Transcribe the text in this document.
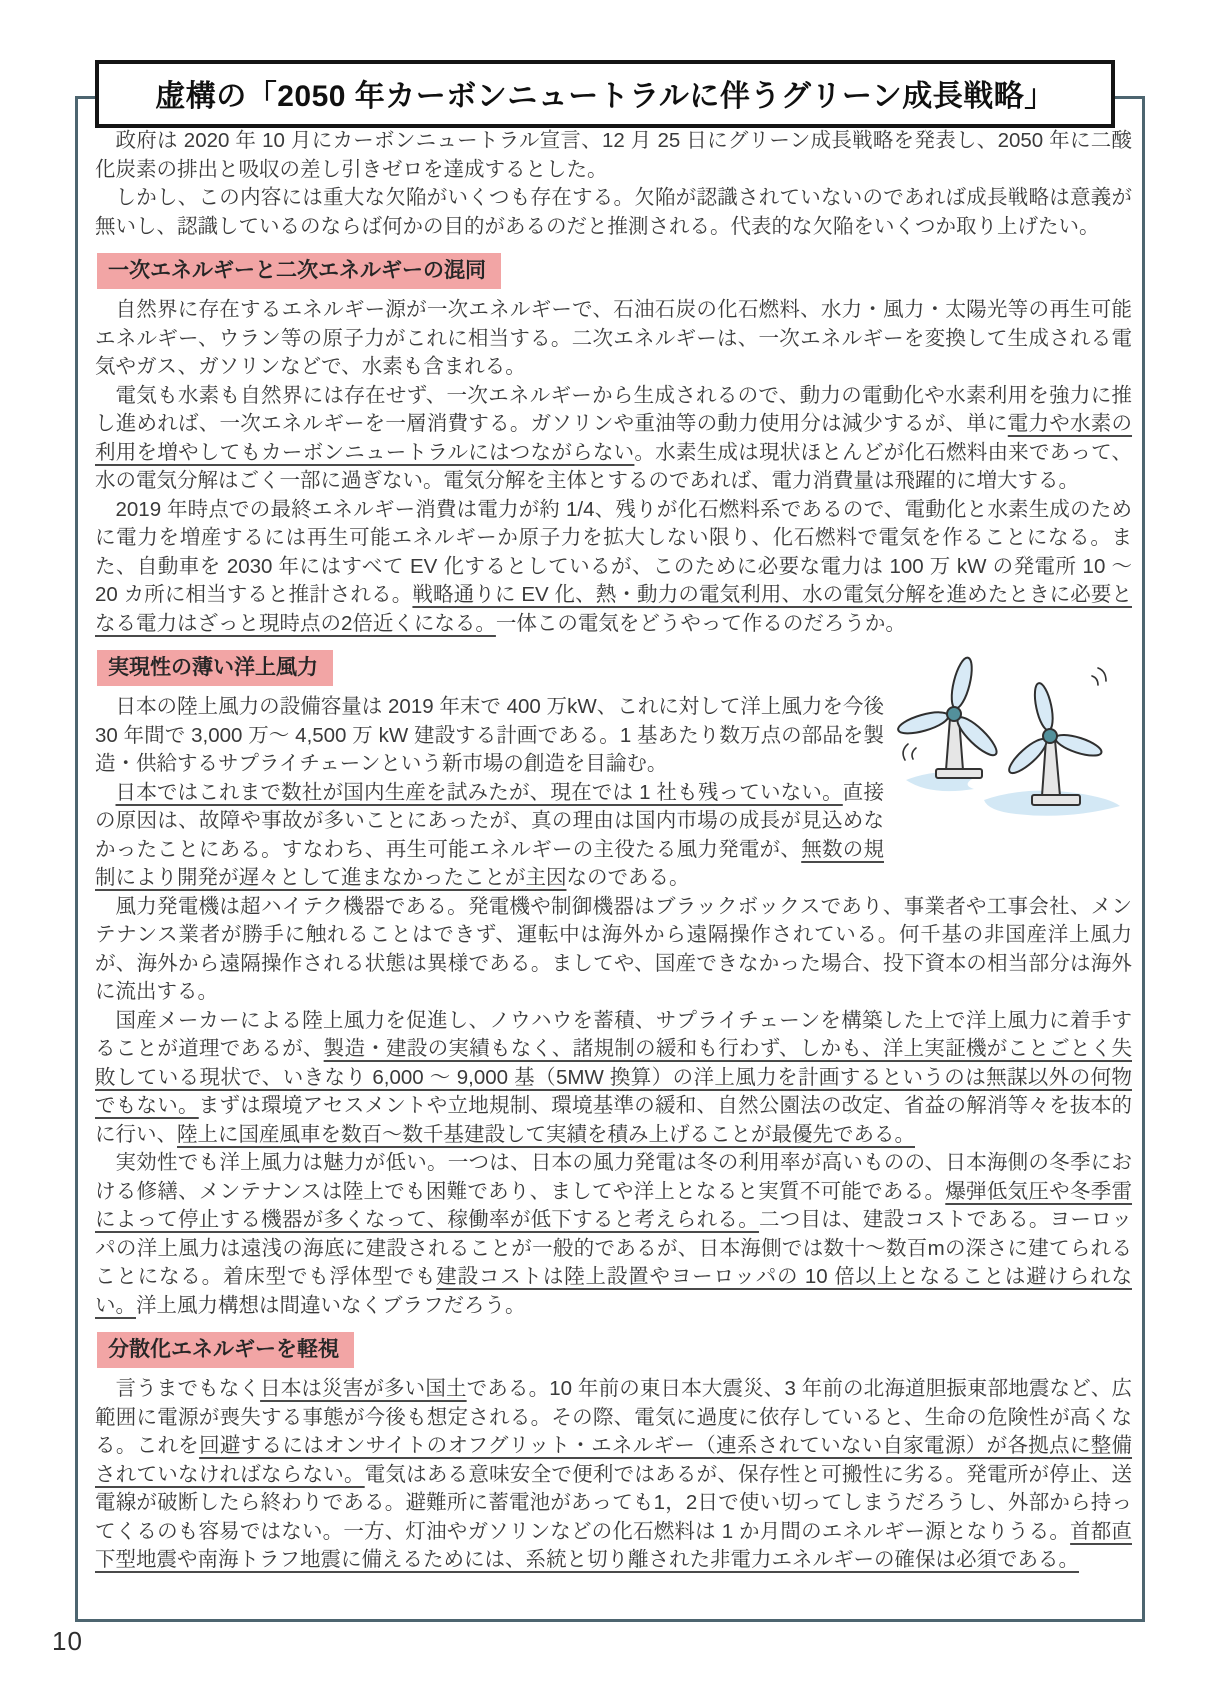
虚構の「2050 年カーボンニュートラルに伴うグリーン成長戦略」

政府は 2020 年 10 月にカーボンニュートラル宣言、12 月 25 日にグリーン成長戦略を発表し、2050 年に二酸化炭素の排出と吸収の差し引きゼロを達成するとした。

しかし、この内容には重大な欠陥がいくつも存在する。欠陥が認識されていないのであれば成長戦略は意義が無いし、認識しているのならば何かの目的があるのだと推測される。代表的な欠陥をいくつか取り上げたい。

一次エネルギーと二次エネルギーの混同

自然界に存在するエネルギー源が一次エネルギーで、石油石炭の化石燃料、水力・風力・太陽光等の再生可能エネルギー、ウラン等の原子力がこれに相当する。二次エネルギーは、一次エネルギーを変換して生成される電気やガス、ガソリンなどで、水素も含まれる。

電気も水素も自然界には存在せず、一次エネルギーから生成されるので、動力の電動化や水素利用を強力に推し進めれば、一次エネルギーを一層消費する。ガソリンや重油等の動力使用分は減少するが、単に電力や水素の利用を増やしてもカーボンニュートラルにはつながらない。水素生成は現状ほとんどが化石燃料由来であって、水の電気分解はごく一部に過ぎない。電気分解を主体とするのであれば、電力消費量は飛躍的に増大する。

2019 年時点での最終エネルギー消費は電力が約 1/4、残りが化石燃料系であるので、電動化と水素生成のために電力を増産するには再生可能エネルギーか原子力を拡大しない限り、化石燃料で電気を作ることになる。また、自動車を 2030 年にはすべて EV 化するとしているが、このために必要な電力は 100 万 kW の発電所 10 ～ 20 カ所に相当すると推計される。戦略通りに EV 化、熱・動力の電気利用、水の電気分解を進めたときに必要となる電力はざっと現時点の2倍近くになる。一体この電気をどうやって作るのだろうか。

実現性の薄い洋上風力

日本の陸上風力の設備容量は 2019 年末で 400 万kW、これに対して洋上風力を今後 30 年間で 3,000 万～ 4,500 万 kW 建設する計画である。1 基あたり数万点の部品を製造・供給するサプライチェーンという新市場の創造を目論む。

日本ではこれまで数社が国内生産を試みたが、現在では 1 社も残っていない。直接の原因は、故障や事故が多いことにあったが、真の理由は国内市場の成長が見込めなかったことにある。すなわち、再生可能エネルギーの主役たる風力発電が、無数の規制により開発が遅々として進まなかったことが主因なのである。

風力発電機は超ハイテク機器である。発電機や制御機器はブラックボックスであり、事業者や工事会社、メンテナンス業者が勝手に触れることはできず、運転中は海外から遠隔操作されている。何千基の非国産洋上風力が、海外から遠隔操作される状態は異様である。ましてや、国産できなかった場合、投下資本の相当部分は海外に流出する。

国産メーカーによる陸上風力を促進し、ノウハウを蓄積、サプライチェーンを構築した上で洋上風力に着手することが道理であるが、製造・建設の実績もなく、諸規制の緩和も行わず、しかも、洋上実証機がことごとく失敗している現状で、いきなり 6,000 ～ 9,000 基（5MW 換算）の洋上風力を計画するというのは無謀以外の何物でもない。まずは環境アセスメントや立地規制、環境基準の緩和、自然公園法の改定、省益の解消等々を抜本的に行い、陸上に国産風車を数百～数千基建設して実績を積み上げることが最優先である。

実効性でも洋上風力は魅力が低い。一つは、日本の風力発電は冬の利用率が高いものの、日本海側の冬季における修繕、メンテナンスは陸上でも困難であり、ましてや洋上となると実質不可能である。爆弾低気圧や冬季雷によって停止する機器が多くなって、稼働率が低下すると考えられる。二つ目は、建設コストである。ヨーロッパの洋上風力は遠浅の海底に建設されることが一般的であるが、日本海側では数十～数百mの深さに建てられることになる。着床型でも浮体型でも建設コストは陸上設置やヨーロッパの 10 倍以上となることは避けられない。洋上風力構想は間違いなくブラフだろう。

分散化エネルギーを軽視

言うまでもなく日本は災害が多い国土である。10 年前の東日本大震災、3 年前の北海道胆振東部地震など、広範囲に電源が喪失する事態が今後も想定される。その際、電気に過度に依存していると、生命の危険性が高くなる。これを回避するにはオンサイトのオフグリット・エネルギー（連系されていない自家電源）が各拠点に整備されていなければならない。電気はある意味安全で便利ではあるが、保存性と可搬性に劣る。発電所が停止、送電線が破断したら終わりである。避難所に蓄電池があっても1，2日で使い切ってしまうだろうし、外部から持ってくるのも容易ではない。一方、灯油やガソリンなどの化石燃料は 1 か月間のエネルギー源となりうる。首都直下型地震や南海トラフ地震に備えるためには、系統と切り離された非電力エネルギーの確保は必須である。

10
